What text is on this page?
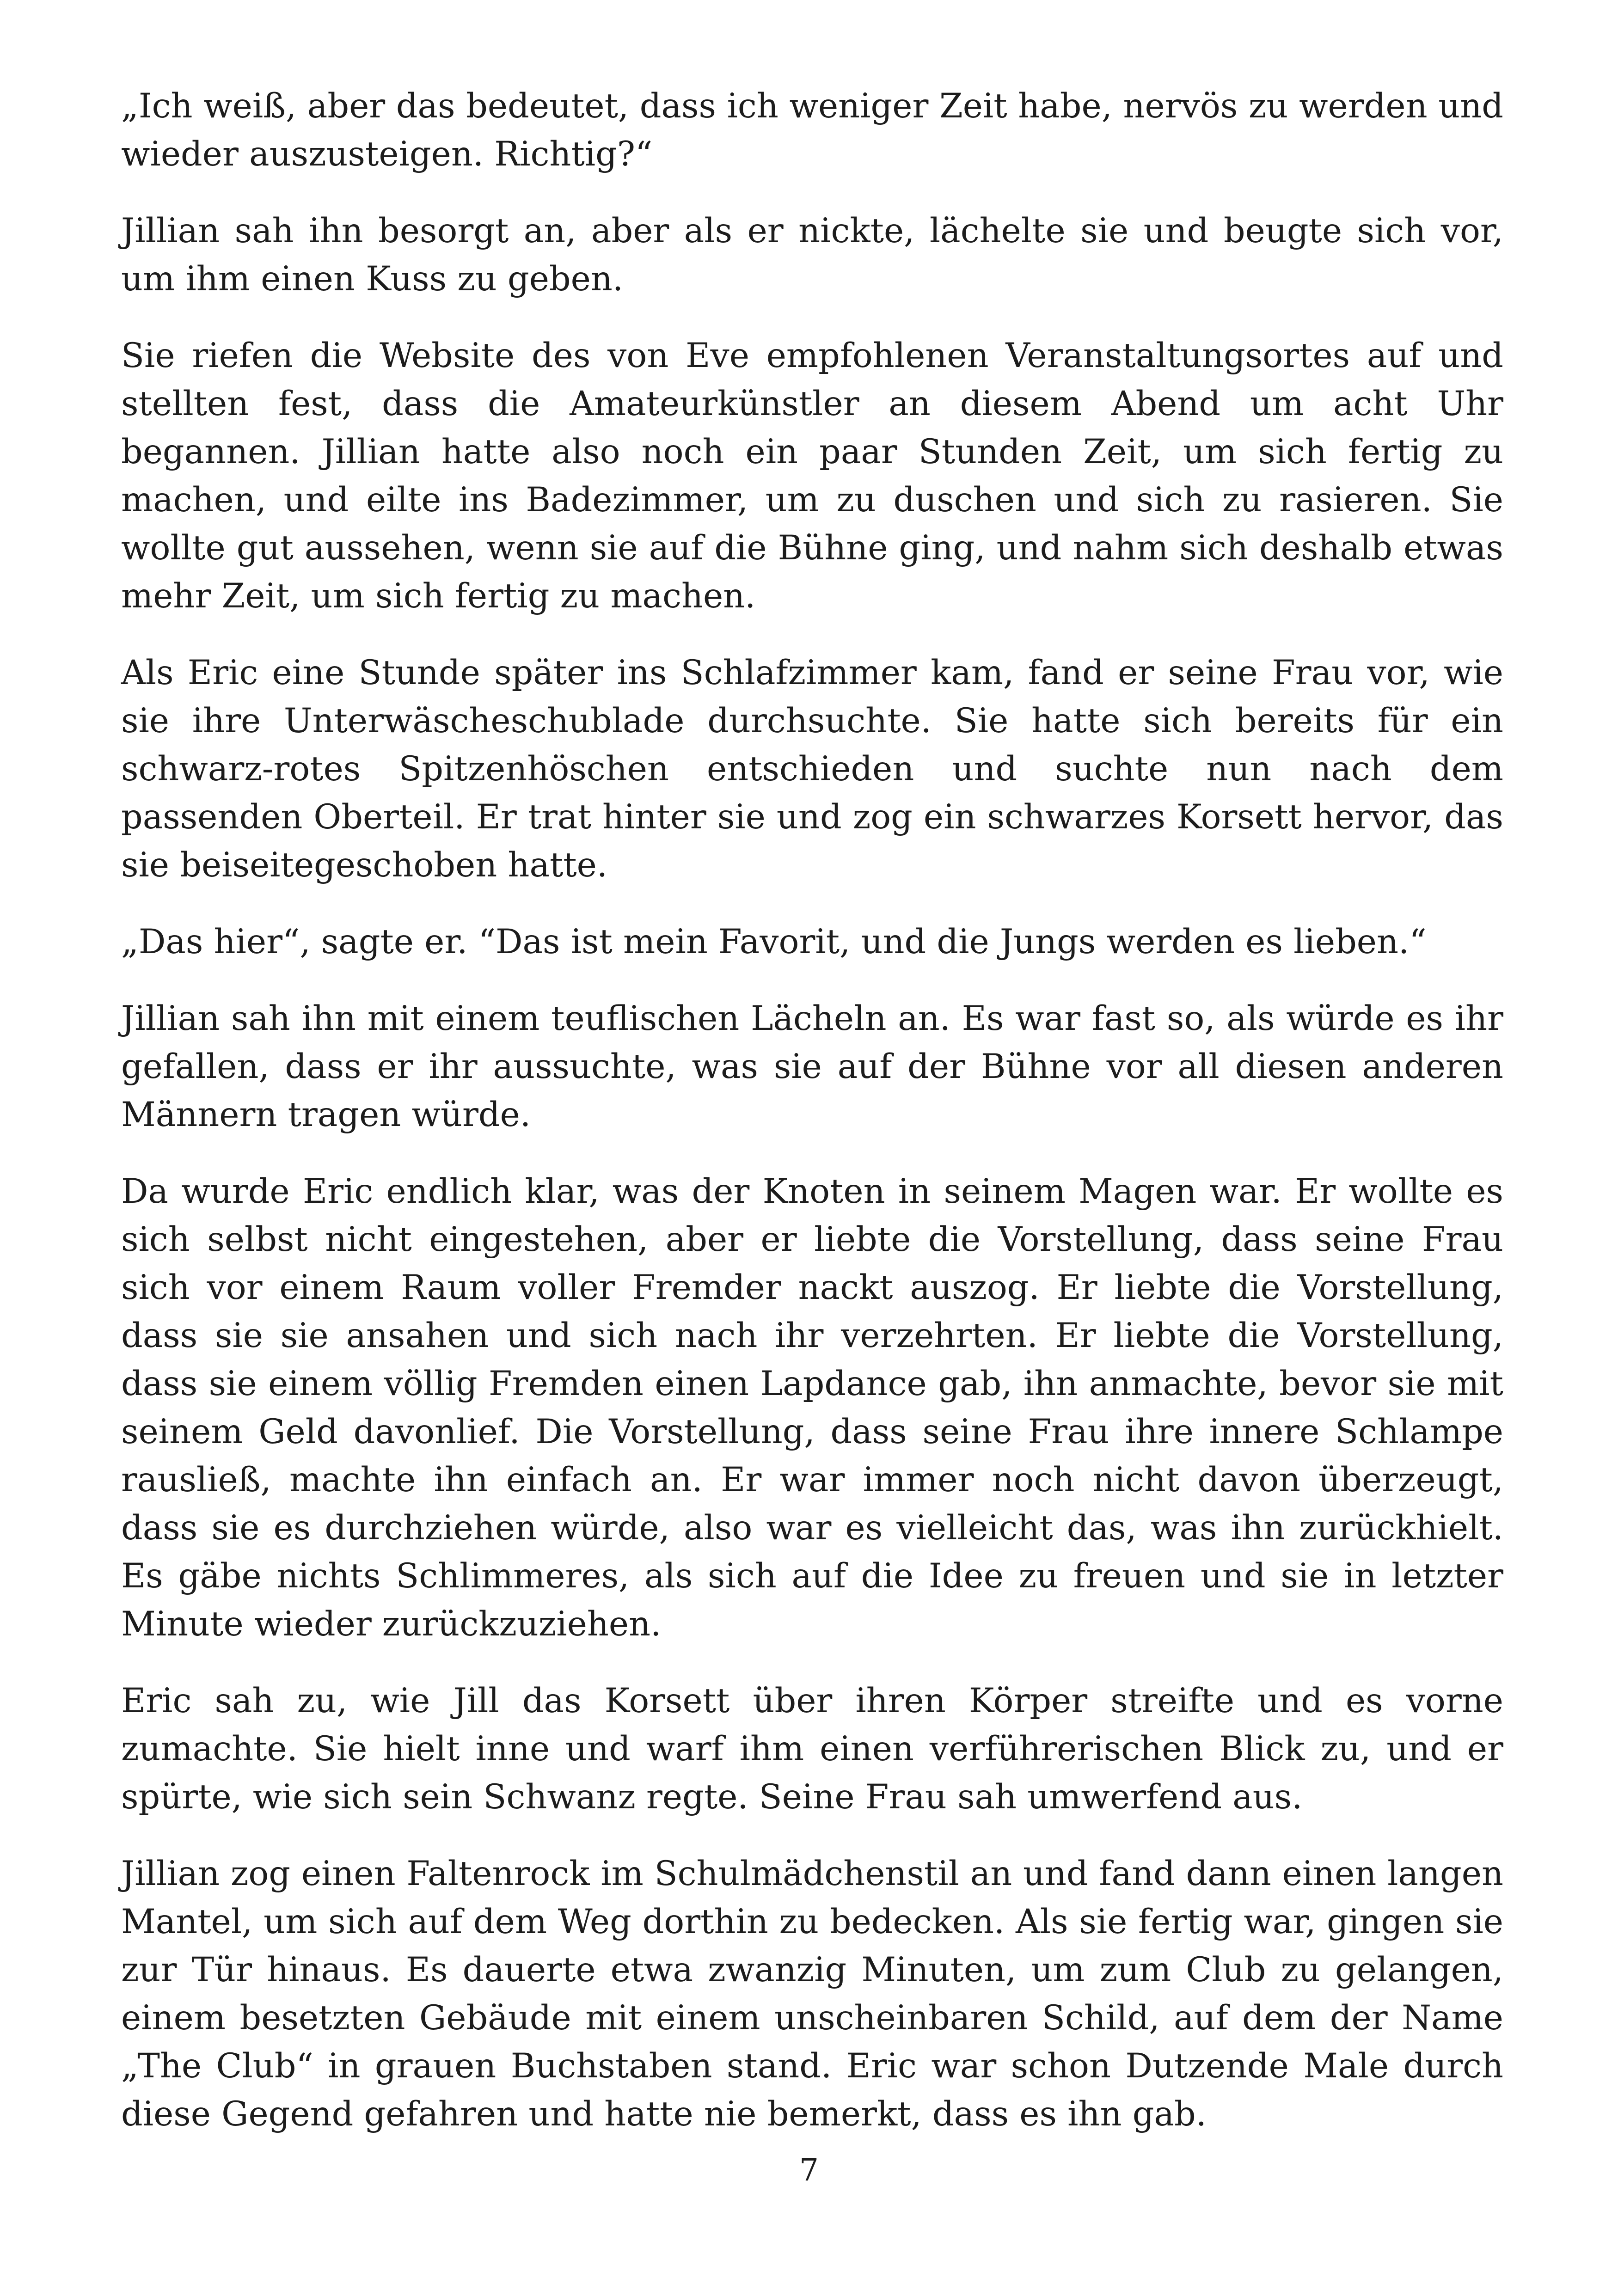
„Ich weiß, aber das bedeutet, dass ich weniger Zeit habe, nervös zu werden und wieder auszusteigen. Richtig?“

Jillian sah ihn besorgt an, aber als er nickte, lächelte sie und beugte sich vor, um ihm einen Kuss zu geben.

Sie riefen die Website des von Eve empfohlenen Veranstaltungsortes auf und stellten fest, dass die Amateurkünstler an diesem Abend um acht Uhr begannen. Jillian hatte also noch ein paar Stunden Zeit, um sich fertig zu machen, und eilte ins Badezimmer, um zu duschen und sich zu rasieren. Sie wollte gut aussehen, wenn sie auf die Bühne ging, und nahm sich deshalb etwas mehr Zeit, um sich fertig zu machen.

Als Eric eine Stunde später ins Schlafzimmer kam, fand er seine Frau vor, wie sie ihre Unterwäscheschublade durchsuchte. Sie hatte sich bereits für ein schwarz-rotes Spitzenhöschen entschieden und suchte nun nach dem passenden Oberteil. Er trat hinter sie und zog ein schwarzes Korsett hervor, das sie beiseitegeschoben hatte.

„Das hier“, sagte er. “Das ist mein Favorit, und die Jungs werden es lieben.“

Jillian sah ihn mit einem teuflischen Lächeln an. Es war fast so, als würde es ihr gefallen, dass er ihr aussuchte, was sie auf der Bühne vor all diesen anderen Männern tragen würde.

Da wurde Eric endlich klar, was der Knoten in seinem Magen war. Er wollte es sich selbst nicht eingestehen, aber er liebte die Vorstellung, dass seine Frau sich vor einem Raum voller Fremder nackt auszog. Er liebte die Vorstellung, dass sie sie ansahen und sich nach ihr verzehrten. Er liebte die Vorstellung, dass sie einem völlig Fremden einen Lapdance gab, ihn anmachte, bevor sie mit seinem Geld davonlief. Die Vorstellung, dass seine Frau ihre innere Schlampe rausließ, machte ihn einfach an. Er war immer noch nicht davon überzeugt, dass sie es durchziehen würde, also war es vielleicht das, was ihn zurückhielt. Es gäbe nichts Schlimmeres, als sich auf die Idee zu freuen und sie in letzter Minute wieder zurückzuziehen.

Eric sah zu, wie Jill das Korsett über ihren Körper streifte und es vorne zumachte. Sie hielt inne und warf ihm einen verführerischen Blick zu, und er spürte, wie sich sein Schwanz regte. Seine Frau sah umwerfend aus.

Jillian zog einen Faltenrock im Schulmädchenstil an und fand dann einen langen Mantel, um sich auf dem Weg dorthin zu bedecken. Als sie fertig war, gingen sie zur Tür hinaus. Es dauerte etwa zwanzig Minuten, um zum Club zu gelangen, einem besetzten Gebäude mit einem unscheinbaren Schild, auf dem der Name „The Club“ in grauen Buchstaben stand. Eric war schon Dutzende Male durch diese Gegend gefahren und hatte nie bemerkt, dass es ihn gab.

7
